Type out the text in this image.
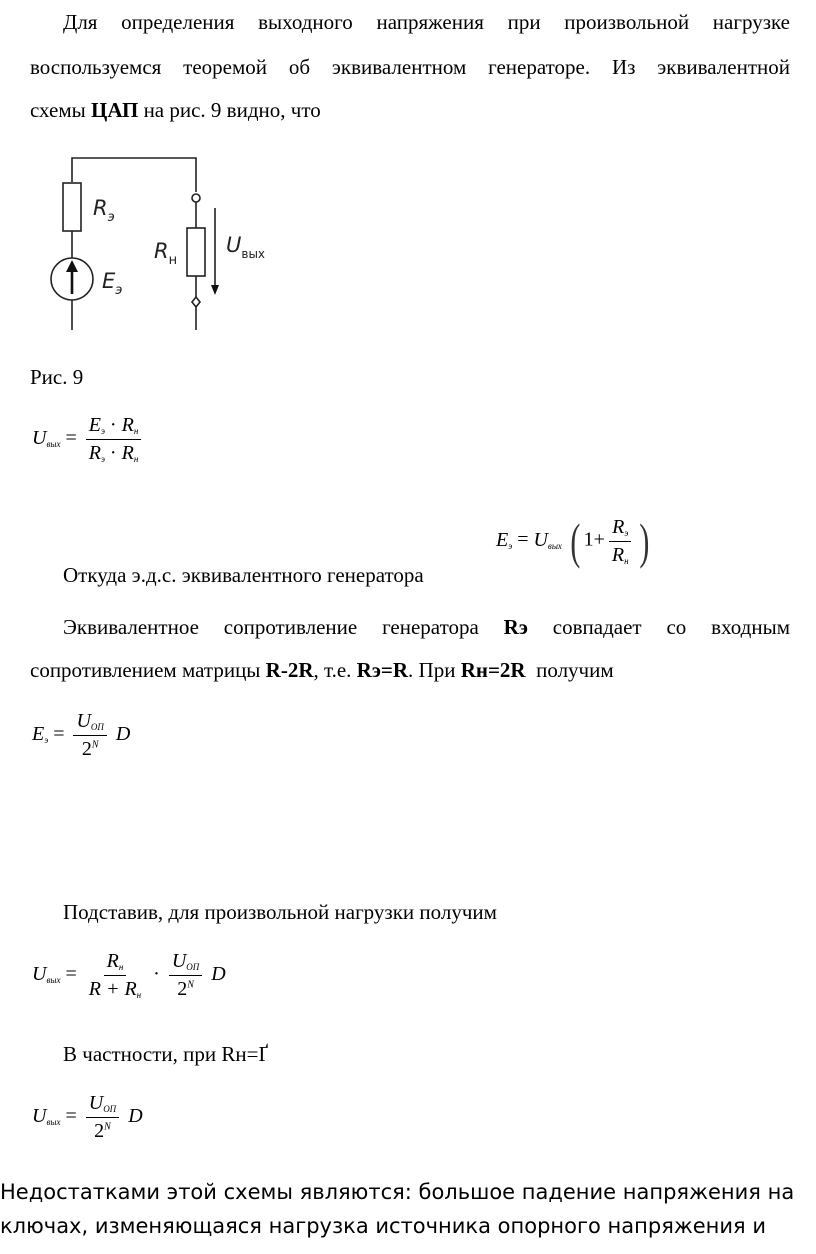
Для определения выходного напряжения при произвольной нагрузке
воспользуемся теоремой об эквивалентном генераторе. Из эквивалентной
схемы ЦАП на рис. 9 видно, что
$R_э$
$E_э$
$R_н$
$U_{вых}$
Рис. 9
$U_{вых} = \frac{E_э \cdot R_н}{R_э \cdot R_н}$
$E_э = U_{вых}$ ( $1+ \frac{R_э}{R_н}$ )
Откуда э.д.с. эквивалентного генератора
Эквивалентное сопротивление генератора Rэ совпадает со входным
сопротивлением матрицы R-2R, т.е. Rэ=R. При Rн=2R  получим
$E_э = \frac{U_{ОП}}{2^N}$ D
Подставив, для произвольной нагрузки получим
$U_{вых} = \frac{R_н}{R + R_н} \cdot \frac{U_{ОП}}{2^N}$ D
В частности, при Rн=Ґ
$U_{вых} = \frac{U_{ОП}}{2^N}$ D
Недостатками этой схемы являются: большое падение напряжения на
ключах, изменяющаяся нагрузка источника опорного напряжения и
